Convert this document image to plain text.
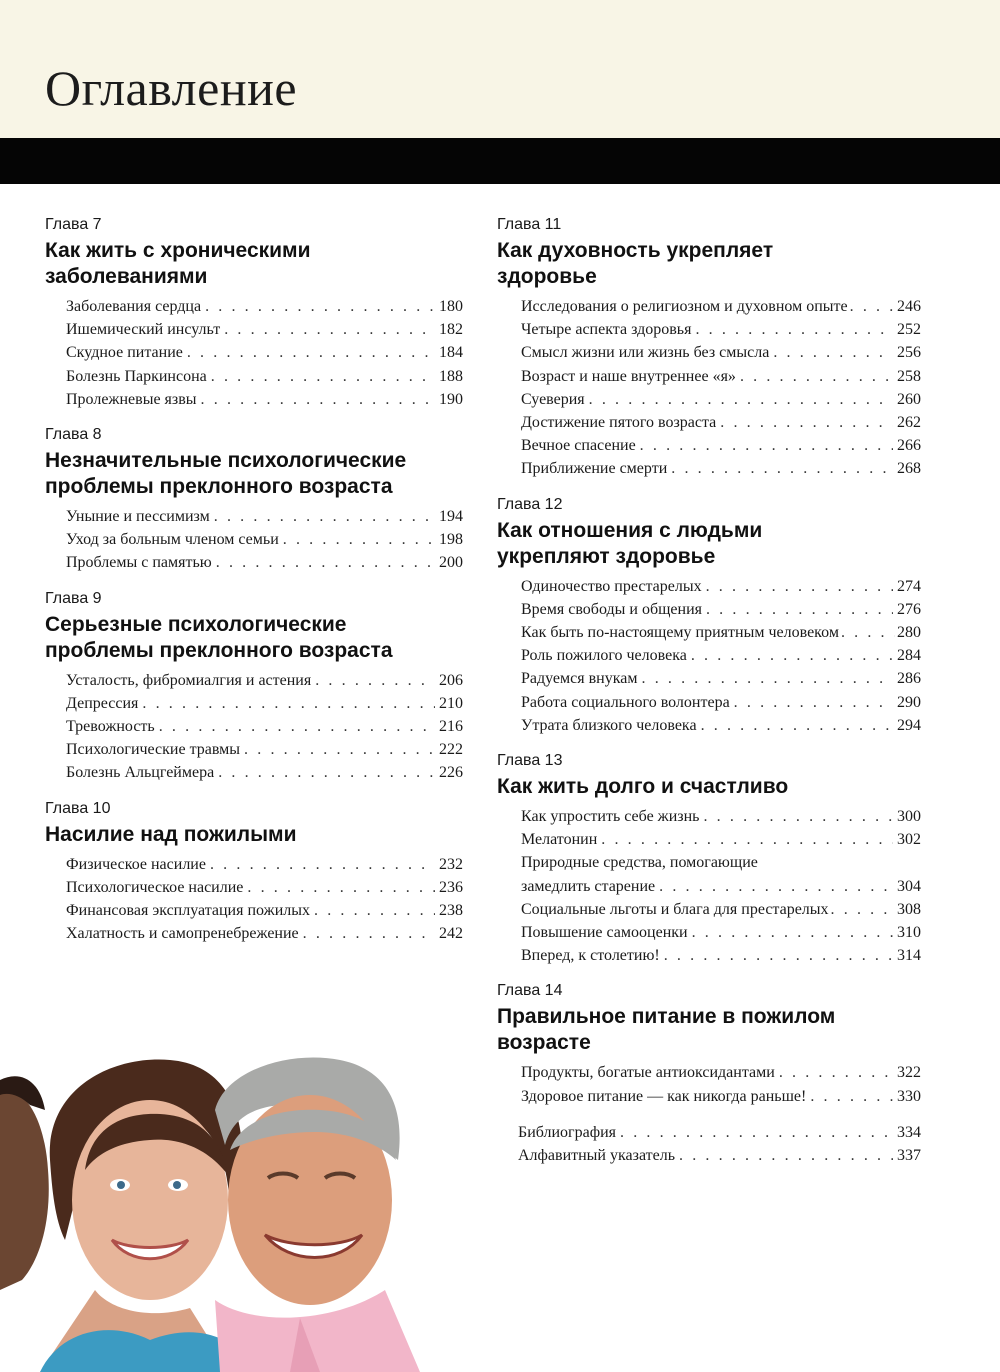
Оглавление
Глава 7
Как жить с хроническими заболеваниями
Заболевания сердца . . .	180
Ишемический инсульт . . .	182
Скудное питание . . .	184
Болезнь Паркинсона . . .	188
Пролежневые язвы . . .	190
Глава 8
Незначительные психологические проблемы преклонного возраста
Уныние и пессимизм . . .	194
Уход за больным членом семьи . . .	198
Проблемы с памятью . . .	200
Глава 9
Серьезные психологические проблемы преклонного возраста
Усталость, фибромиалгия и астения . . .	206
Депрессия . . .	210
Тревожность . . .	216
Психологические травмы . . .	222
Болезнь Альцгеймера . . .	226
Глава 10
Насилие над пожилыми
Физическое насилие . . .	232
Психологическое насилие . . .	236
Финансовая эксплуатация пожилых . . .	238
Халатность и самопренебрежение . . .	242
Глава 11
Как духовность укрепляет здоровье
Исследования о религиозном и духовном опыте . . .	246
Четыре аспекта здоровья . . .	252
Смысл жизни или жизнь без смысла . . .	256
Возраст и наше внутреннее «я» . . .	258
Суеверия . . .	260
Достижение пятого возраста . . .	262
Вечное спасение . . .	266
Приближение смерти . . .	268
Глава 12
Как отношения с людьми укрепляют здоровье
Одиночество престарелых . . .	274
Время свободы и общения . . .	276
Как быть по-настоящему приятным человеком . . .	280
Роль пожилого человека . . .	284
Радуемся внукам . . .	286
Работа социального волонтера . . .	290
Утрата близкого человека . . .	294
Глава 13
Как жить долго и счастливо
Как упростить себе жизнь . . .	300
Мелатонин . . .	302
Природные средства, помогающие
замедлить старение . . .	304
Социальные льготы и блага для престарелых . . .	308
Повышение самооценки . . .	310
Вперед, к столетию! . . .	314
Глава 14
Правильное питание в пожилом возрасте
Продукты, богатые антиоксидантами . . .	322
Здоровое питание — как никогда раньше! . . .	330
Библиография . . .	334
Алфавитный указатель . . .	337
